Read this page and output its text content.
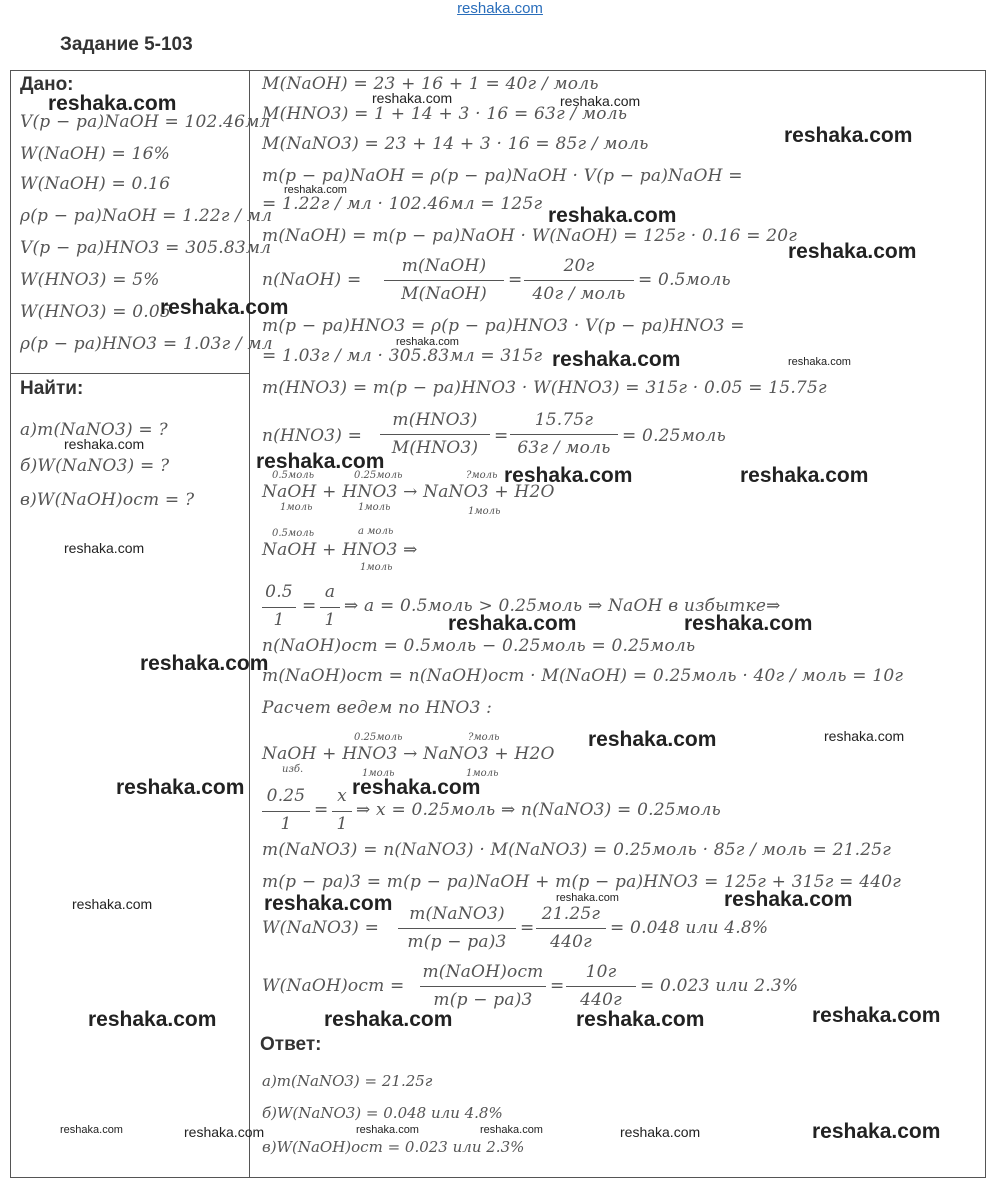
reshaka.com
Задание 5-103
Дано:
V(р − ра)NaOH = 102.46мл
W(NaOH) = 16%
W(NaOH) = 0.16
ρ(р − ра)NaOH = 1.22г / мл
V(р − ра)HNO3 = 305.83мл
W(HNO3) = 5%
W(HNO3) = 0.05
ρ(р − ра)HNO3 = 1.03г / мл
Найти:
а)m(NaNO3) = ?
б)W(NaNO3) = ?
в)W(NaOH)ост = ?
M(NaOH) = 23 + 16 + 1 = 40г / моль
M(HNO3) = 1 + 14 + 3 · 16 = 63г / моль
M(NaNO3) = 23 + 14 + 3 · 16 = 85г / моль
m(р − ра)NaOH = ρ(р − ра)NaOH · V(р − ра)NaOH =
= 1.22г / мл · 102.46мл = 125г
m(NaOH) = m(р − ра)NaOH · W(NaOH) = 125г · 0.16 = 20г
n(NaOH) =
m(NaOH)
M(NaOH)
=
20г
40г / моль
= 0.5моль
m(р − ра)HNO3 = ρ(р − ра)HNO3 · V(р − ра)HNO3 =
= 1.03г / мл · 305.83мл = 315г
m(HNO3) = m(р − ра)HNO3 · W(HNO3) = 315г · 0.05 = 15.75г
n(HNO3) =
m(HNO3)
M(HNO3)
=
15.75г
63г / моль
= 0.25моль
0.5моль	0.25моль	?моль
NaOH + HNO3 → NaNO3 + H2O
1моль	1моль	1моль
0.5моль	а моль
NaOH + HNO3 ⇒
1моль
0.5
1
=
а
1
⇒ а = 0.5моль > 0.25моль ⇒ NaOH в избытке⇒
n(NaOH)ост = 0.5моль − 0.25моль = 0.25моль
m(NaOH)ост = n(NaOH)ост · M(NaOH) = 0.25моль · 40г / моль = 10г
Расчет ведем по HNO3 :
0.25моль	?моль
NaOH + HNO3 → NaNO3 + H2O
изб.	1моль	1моль
0.25
1
=
x
1
⇒ x = 0.25моль ⇒ n(NaNO3) = 0.25моль
m(NaNO3) = n(NaNO3) · M(NaNO3) = 0.25моль · 85г / моль = 21.25г
m(р − ра)3 = m(р − ра)NaOH + m(р − ра)HNO3 = 125г + 315г = 440г
W(NaNO3) =
m(NaNO3)
m(р − ра)3
=
21.25г
440г
= 0.048 или 4.8%
W(NaOH)ост =
m(NaOH)ост
m(р − ра)3
=
10г
440г
= 0.023 или 2.3%
Ответ:
а)m(NaNO3) = 21.25г
б)W(NaNO3) = 0.048 или 4.8%
в)W(NaOH)ост = 0.023 или 2.3%
reshaka.com	reshaka.com	reshaka.com
reshaka.com
reshaka.com
reshaka.com
reshaka.com
reshaka.com
reshaka.com
reshaka.com	reshaka.com
reshaka.com
reshaka.com
reshaka.com	reshaka.com
reshaka.com
reshaka.com	reshaka.com
reshaka.com
reshaka.com	reshaka.com
reshaka.com	reshaka.com
reshaka.com
reshaka.com	reshaka.com
reshaka.com
reshaka.com	reshaka.com	reshaka.com	reshaka.com
reshaka.com	reshaka.com	reshaka.com	reshaka.com	reshaka.com	reshaka.com
